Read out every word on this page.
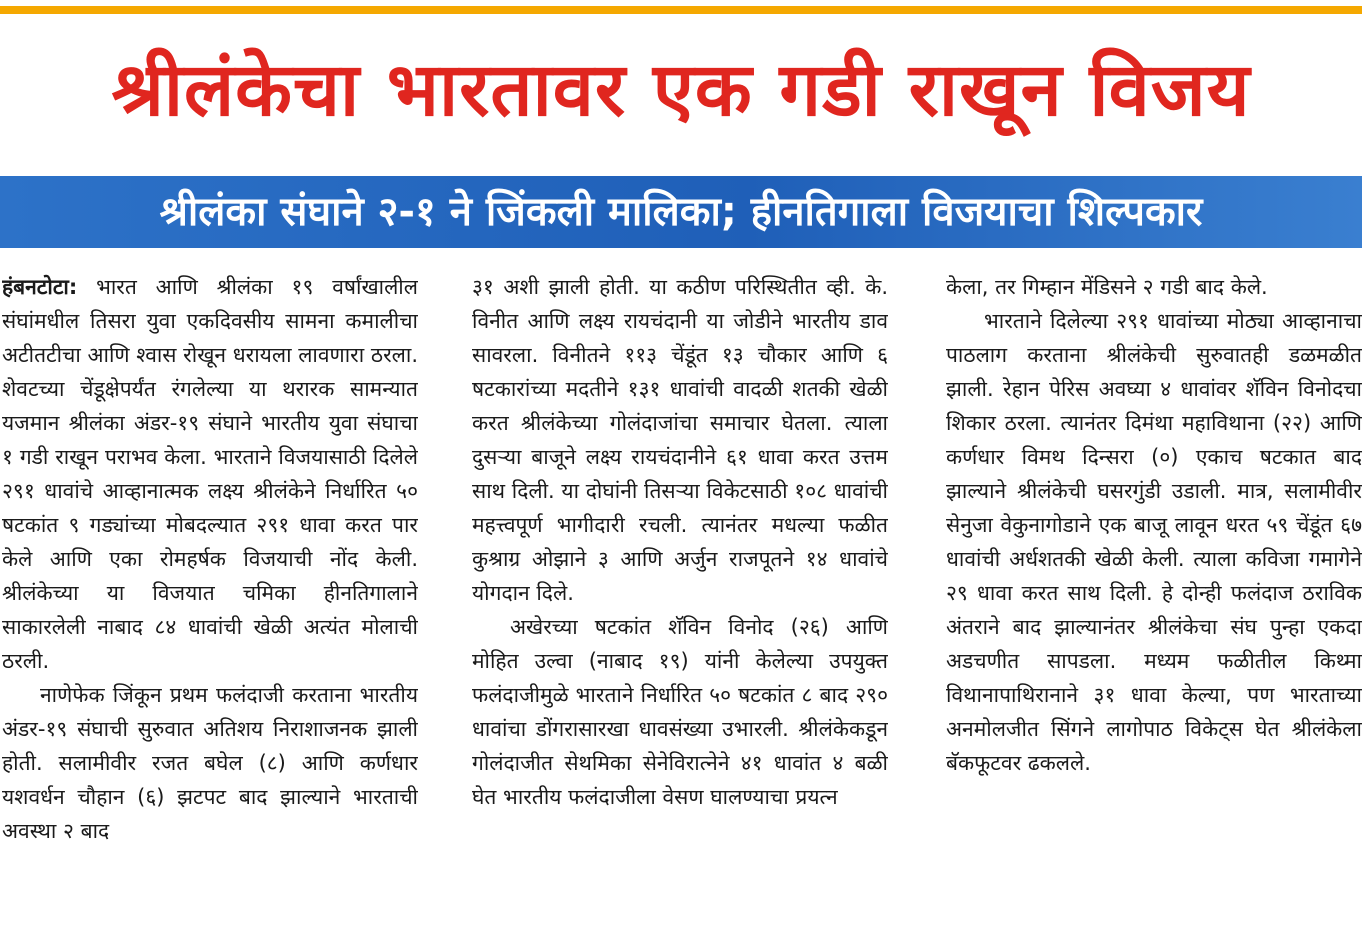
श्रीलंकेचा भारतावर एक गडी राखून विजय
श्रीलंका संघाने २-१ ने जिंकली मालिका; हीनतिगाला विजयाचा शिल्पकार

हंबनटोटा: भारत आणि श्रीलंका १९ वर्षांखालील संघांमधील तिसरा युवा एकदिवसीय सामना कमालीचा अटीतटीचा आणि श्वास रोखून धरायला लावणारा ठरला. शेवटच्या चेंडूक्षेपर्यंत रंगलेल्या या थरारक सामन्यात यजमान श्रीलंका अंडर-१९ संघाने भारतीय युवा संघाचा १ गडी राखून पराभव केला. भारताने विजयासाठी दिलेले २९१ धावांचे आव्हानात्मक लक्ष्य श्रीलंकेने निर्धारित ५० षटकांत ९ गड्यांच्या मोबदल्यात २९१ धावा करत पार केले आणि एका रोमहर्षक विजयाची नोंद केली. श्रीलंकेच्या या विजयात चमिका हीनतिगालाने साकारलेली नाबाद ८४ धावांची खेळी अत्यंत मोलाची ठरली.

नाणेफेक जिंकून प्रथम फलंदाजी करताना भारतीय अंडर-१९ संघाची सुरुवात अतिशय निराशाजनक झाली होती. सलामीवीर रजत बघेल (८) आणि कर्णधार यशवर्धन चौहान (६) झटपट बाद झाल्याने भारताची अवस्था २ बाद

३१ अशी झाली होती. या कठीण परिस्थितीत व्ही. के. विनीत आणि लक्ष्य रायचंदानी या जोडीने भारतीय डाव सावरला. विनीतने ११३ चेंडूंत १३ चौकार आणि ६ षटकारांच्या मदतीने १३१ धावांची वादळी शतकी खेळी करत श्रीलंकेच्या गोलंदाजांचा समाचार घेतला. त्याला दुसऱ्या बाजूने लक्ष्य रायचंदानीने ६१ धावा करत उत्तम साथ दिली. या दोघांनी तिसऱ्या विकेटसाठी १०८ धावांची महत्त्वपूर्ण भागीदारी रचली. त्यानंतर मधल्या फळीत कुश्राग्र ओझाने ३ आणि अर्जुन राजपूतने १४ धावांचे योगदान दिले.

अखेरच्या षटकांत शॅविन विनोद (२६) आणि मोहित उल्वा (नाबाद १९) यांनी केलेल्या उपयुक्त फलंदाजीमुळे भारताने निर्धारित ५० षटकांत ८ बाद २९० धावांचा डोंगरासारखा धावसंख्या उभारली. श्रीलंकेकडून गोलंदाजीत सेथमिका सेनेविरात्नेने ४१ धावांत ४ बळी घेत भारतीय फलंदाजीला वेसण घालण्याचा प्रयत्न

केला, तर गिम्हान मेंडिसने २ गडी बाद केले.

भारताने दिलेल्या २९१ धावांच्या मोठ्या आव्हानाचा पाठलाग करताना श्रीलंकेची सुरुवातही डळमळीत झाली. रेहान पेरिस अवघ्या ४ धावांवर शॅविन विनोदचा शिकार ठरला. त्यानंतर दिमंथा महाविथाना (२२) आणि कर्णधार विमथ दिन्सरा (०) एकाच षटकात बाद झाल्याने श्रीलंकेची घसरगुंडी उडाली. मात्र, सलामीवीर सेनुजा वेकुनागोडाने एक बाजू लावून धरत ५९ चेंडूंत ६७ धावांची अर्धशतकी खेळी केली. त्याला कविजा गमागेने २९ धावा करत साथ दिली. हे दोन्ही फलंदाज ठराविक अंतराने बाद झाल्यानंतर श्रीलंकेचा संघ पुन्हा एकदा अडचणीत सापडला. मध्यम फळीतील किथ्मा विथानापाथिरानाने ३१ धावा केल्या, पण भारताच्या अनमोलजीत सिंगने लागोपाठ विकेट्स घेत श्रीलंकेला बॅकफूटवर ढकलले.
